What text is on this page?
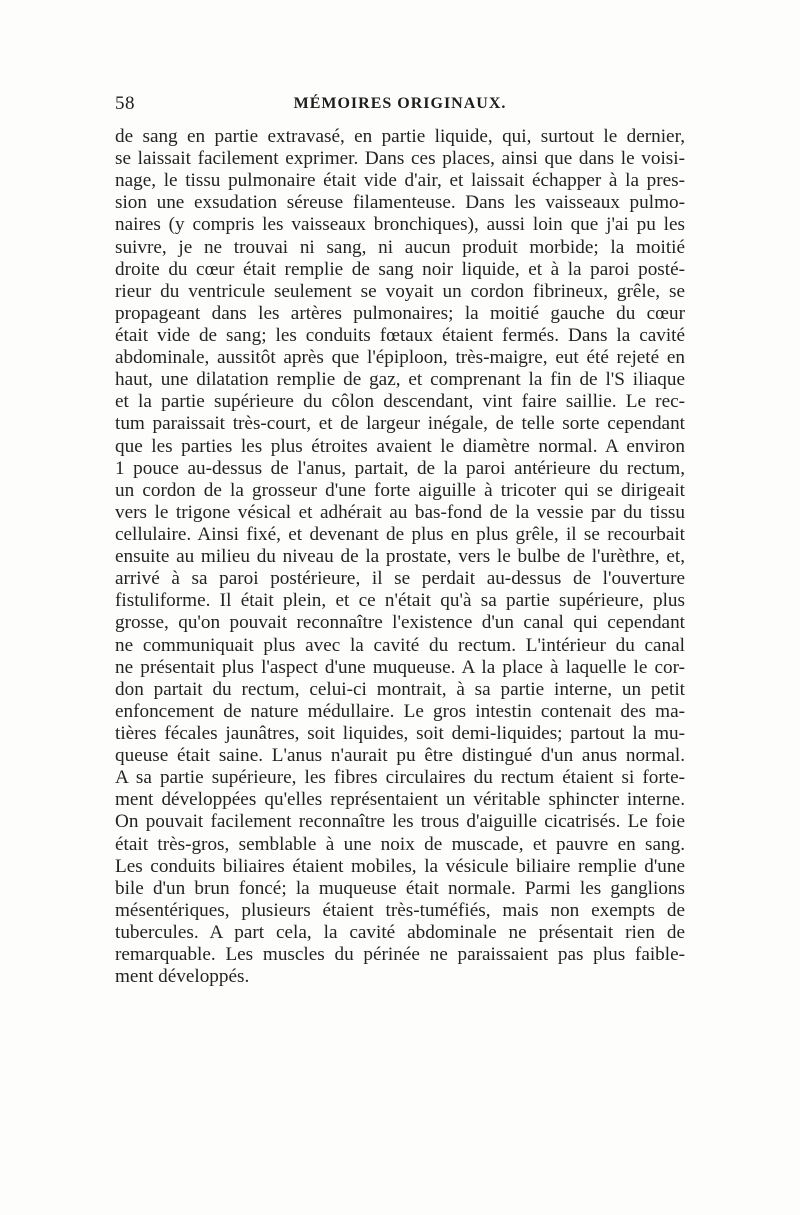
58	MÉMOIRES ORIGINAUX.
de sang en partie extravasé, en partie liquide, qui, surtout le dernier,
se laissait facilement exprimer. Dans ces places, ainsi que dans le voisi-
nage, le tissu pulmonaire était vide d'air, et laissait échapper à la pres-
sion une exsudation séreuse filamenteuse. Dans les vaisseaux pulmo-
naires (y compris les vaisseaux bronchiques), aussi loin que j'ai pu les
suivre, je ne trouvai ni sang, ni aucun produit morbide; la moitié
droite du cœur était remplie de sang noir liquide, et à la paroi posté-
rieur du ventricule seulement se voyait un cordon fibrineux, grêle, se
propageant dans les artères pulmonaires; la moitié gauche du cœur
était vide de sang; les conduits fœtaux étaient fermés. Dans la cavité
abdominale, aussitôt après que l'épiploon, très-maigre, eut été rejeté en
haut, une dilatation remplie de gaz, et comprenant la fin de l'S iliaque
et la partie supérieure du côlon descendant, vint faire saillie. Le rec-
tum paraissait très-court, et de largeur inégale, de telle sorte cependant
que les parties les plus étroites avaient le diamètre normal. A environ
1 pouce au-dessus de l'anus, partait, de la paroi antérieure du rectum,
un cordon de la grosseur d'une forte aiguille à tricoter qui se dirigeait
vers le trigone vésical et adhérait au bas-fond de la vessie par du tissu
cellulaire. Ainsi fixé, et devenant de plus en plus grêle, il se recourbait
ensuite au milieu du niveau de la prostate, vers le bulbe de l'urèthre, et,
arrivé à sa paroi postérieure, il se perdait au-dessus de l'ouverture
fistuliforme. Il était plein, et ce n'était qu'à sa partie supérieure, plus
grosse, qu'on pouvait reconnaître l'existence d'un canal qui cependant
ne communiquait plus avec la cavité du rectum. L'intérieur du canal
ne présentait plus l'aspect d'une muqueuse. A la place à laquelle le cor-
don partait du rectum, celui-ci montrait, à sa partie interne, un petit
enfoncement de nature médullaire. Le gros intestin contenait des ma-
tières fécales jaunâtres, soit liquides, soit demi-liquides; partout la mu-
queuse était saine. L'anus n'aurait pu être distingué d'un anus normal.
A sa partie supérieure, les fibres circulaires du rectum étaient si forte-
ment développées qu'elles représentaient un véritable sphincter interne.
On pouvait facilement reconnaître les trous d'aiguille cicatrisés. Le foie
était très-gros, semblable à une noix de muscade, et pauvre en sang.
Les conduits biliaires étaient mobiles, la vésicule biliaire remplie d'une
bile d'un brun foncé; la muqueuse était normale. Parmi les ganglions
mésentériques, plusieurs étaient très-tuméfiés, mais non exempts de
tubercules. A part cela, la cavité abdominale ne présentait rien de
remarquable. Les muscles du périnée ne paraissaient pas plus faible-
ment développés.
